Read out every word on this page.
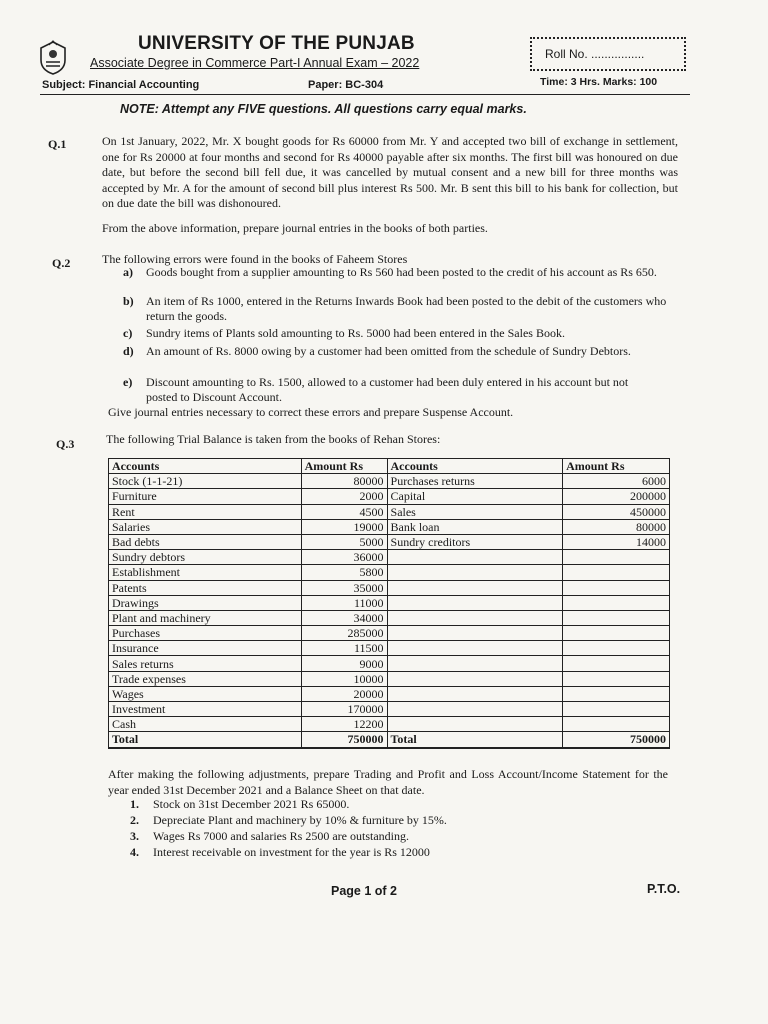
UNIVERSITY OF THE PUNJAB
Associate Degree in Commerce Part-I Annual Exam – 2022
Roll No. ................
Subject: Financial Accounting	Paper: BC-304	Time: 3 Hrs. Marks: 100
NOTE: Attempt any FIVE questions. All questions carry equal marks.
Q.1	On 1st January, 2022, Mr. X bought goods for Rs 60000 from Mr. Y and accepted two bill of exchange in settlement, one for Rs 20000 at four months and second for Rs 40000 payable after six months. The first bill was honoured on due date, but before the second bill fell due, it was cancelled by mutual consent and a new bill for three months was accepted by Mr. A for the amount of second bill plus interest Rs 500. Mr. B sent this bill to his bank for collection, but on due date the bill was dishonoured.
From the above information, prepare journal entries in the books of both parties.
Q.2	The following errors were found in the books of Faheem Stores
a) Goods bought from a supplier amounting to Rs 560 had been posted to the credit of his account as Rs 650.
b) An item of Rs 1000, entered in the Returns Inwards Book had been posted to the debit of the customers who return the goods.
c) Sundry items of Plants sold amounting to Rs. 5000 had been entered in the Sales Book.
d) An amount of Rs. 8000 owing by a customer had been omitted from the schedule of Sundry Debtors.
e) Discount amounting to Rs. 1500, allowed to a customer had been duly entered in his account but not posted to Discount Account.
Give journal entries necessary to correct these errors and prepare Suspense Account.
Q.3	The following Trial Balance is taken from the books of Rehan Stores:
Accounts	Amount Rs	Accounts	Amount Rs
Stock (1-1-21)	80000	Purchases returns	6000
Furniture	2000	Capital	200000
Rent	4500	Sales	450000
Salaries	19000	Bank loan	80000
Bad debts	5000	Sundry creditors	14000
Sundry debtors	36000		
Establishment	5800		
Patents	35000		
Drawings	11000		
Plant and machinery	34000		
Purchases	285000		
Insurance	11500		
Sales returns	9000		
Trade expenses	10000		
Wages	20000		
Investment	170000		
Cash	12200		
Total	750000	Total	750000
After making the following adjustments, prepare Trading and Profit and Loss Account/Income Statement for the year ended 31st December 2021 and a Balance Sheet on that date.
1. Stock on 31st December 2021 Rs 65000.
2. Depreciate Plant and machinery by 10% & furniture by 15%.
3. Wages Rs 7000 and salaries Rs 2500 are outstanding.
4. Interest receivable on investment for the year is Rs 12000
Page 1 of 2	P.T.O.
